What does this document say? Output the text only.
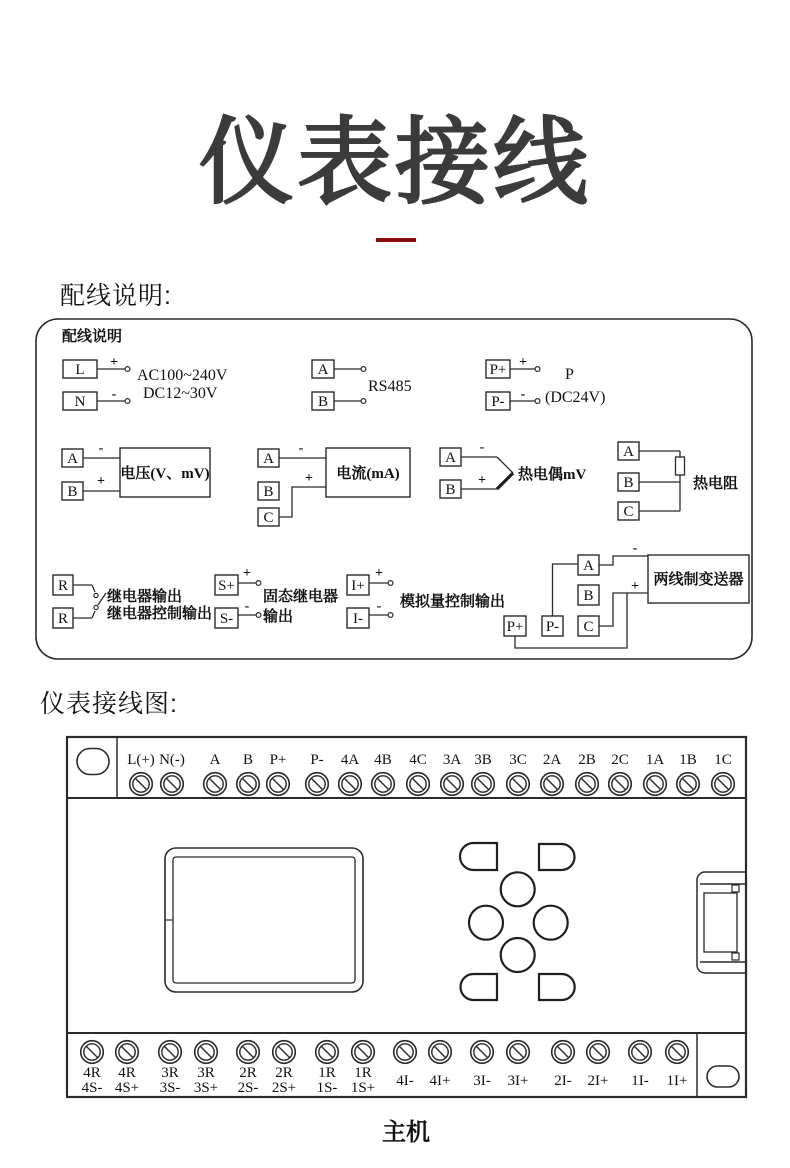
仪表接线
配线说明:
配线说明
L
N
+
-
AC100~240V
DC12~30V
A
B
RS485
P+
P-
+
-
P
(DC24V)
A
B
-
+ 电压(V、mV)
A
B
C
-
+ 电流(mA)
A
B
-
+ 热电偶mV
A
B
C
热电阻
R
R
继电器输出
继电器控制输出
S+
S-
+
-
固态继电器
输出
I+
I-
+
- 模拟量控制输出
A
B
C
P+ P-
-
+ 两线制变送器
仪表接线图:
L(+) N(-) A B P+ P- 4A 4B 4C 3A 3B 3C 2A 2B 2C 1A 1B 1C
4R
4S-
4R
4S+
3R
3S-
3R
3S+
2R
2S-
2R
2S+
1R
1S-
1R
1S+ 4I- 4I+ 3I- 3I+ 2I- 2I+ 1I- 1I+
主机
